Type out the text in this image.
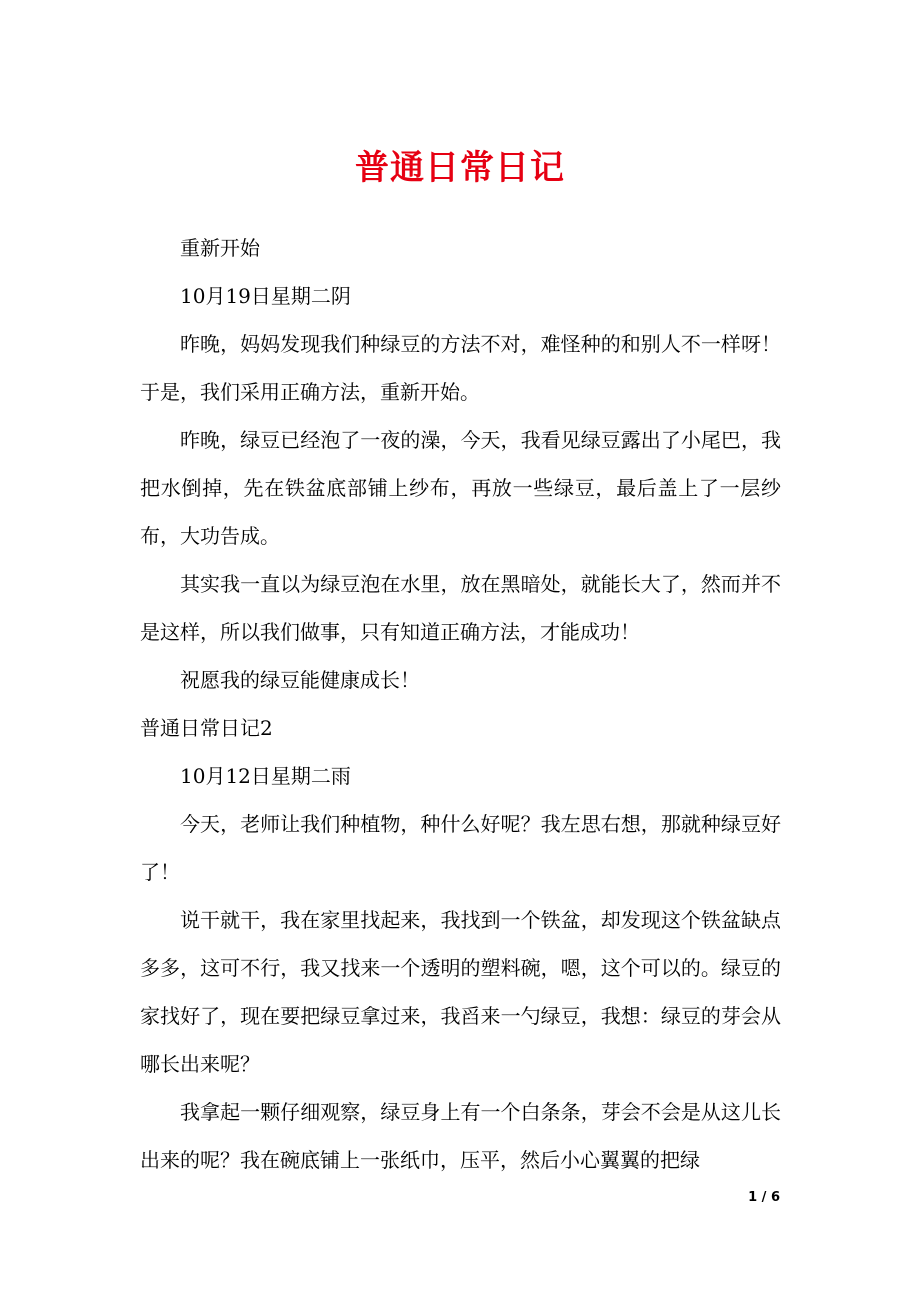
普通日常日记

重新开始

10月19日星期二阴

昨晚，妈妈发现我们种绿豆的方法不对，难怪种的和别人不一样呀！于是，我们采用正确方法，重新开始。

昨晚，绿豆已经泡了一夜的澡，今天，我看见绿豆露出了小尾巴，我把水倒掉，先在铁盆底部铺上纱布，再放一些绿豆，最后盖上了一层纱布，大功告成。

其实我一直以为绿豆泡在水里，放在黑暗处，就能长大了，然而并不是这样，所以我们做事，只有知道正确方法，才能成功！

祝愿我的绿豆能健康成长！

普通日常日记2

10月12日星期二雨

今天，老师让我们种植物，种什么好呢？我左思右想，那就种绿豆好了！

说干就干，我在家里找起来，我找到一个铁盆，却发现这个铁盆缺点多多，这可不行，我又找来一个透明的塑料碗，嗯，这个可以的。绿豆的家找好了，现在要把绿豆拿过来，我舀来一勺绿豆，我想：绿豆的芽会从哪长出来呢？

我拿起一颗仔细观察，绿豆身上有一个白条条，芽会不会是从这儿长出来的呢？我在碗底铺上一张纸巾，压平，然后小心翼翼的把绿

1 / 6
